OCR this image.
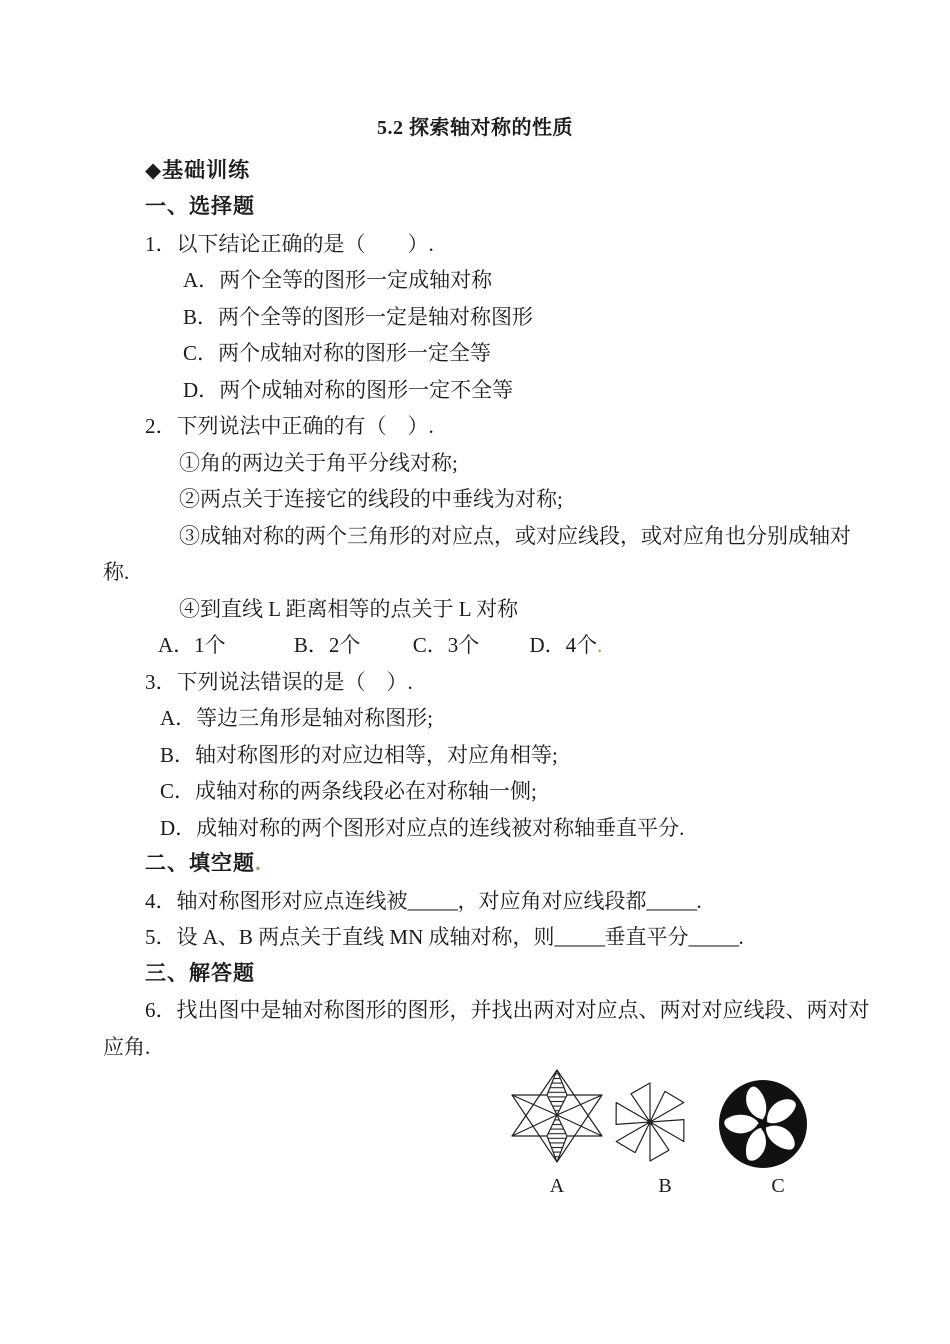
5.2 探索轴对称的性质
◆基础训练
一、选择题
1．以下结论正确的是（　　）.
A．两个全等的图形一定成轴对称
B．两个全等的图形一定是轴对称图形
C．两个成轴对称的图形一定全等
D．两个成轴对称的图形一定不全等
2．下列说法中正确的有（　）.
①角的两边关于角平分线对称;
②两点关于连接它的线段的中垂线为对称;
③成轴对称的两个三角形的对应点，或对应线段，或对应角也分别成轴对
称.
④到直线 L 距离相等的点关于 L 对称
A．1个	B．2个 C．3个 D．4个.
3．下列说法错误的是（　）.
A．等边三角形是轴对称图形;
B．轴对称图形的对应边相等，对应角相等;
C．成轴对称的两条线段必在对称轴一侧;
D．成轴对称的两个图形对应点的连线被对称轴垂直平分.
二、填空题.
4．轴对称图形对应点连线被_____，对应角对应线段都_____.
5．设 A、B 两点关于直线 MN 成轴对称，则_____垂直平分_____.
三、解答题
6．找出图中是轴对称图形的图形，并找出两对对应点、两对对应线段、两对对
应角.
A	B	C
